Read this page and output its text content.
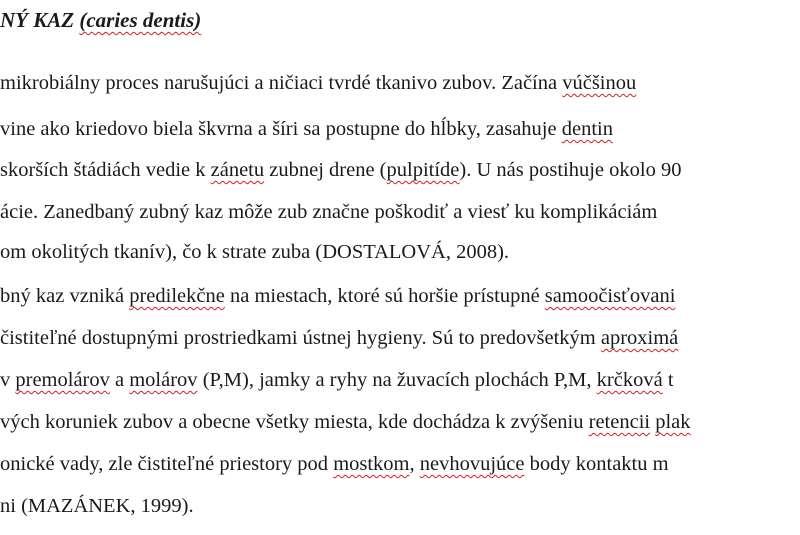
NÝ KAZ (caries dentis)

mikrobiálny proces narušujúci a ničiaci tvrdé tkanivo zubov. Začína vúčšinou

vine ako kriedovo biela škvrna a šíri sa postupne do hĺbky, zasahuje dentin

skorších štádiách vedie k zánetu zubnej drene (pulpitíde). U nás postihuje okolo 90

ácie. Zanedbaný zubný kaz môže zub značne poškodiť a viesť ku komplikáciám

om okolitých tkanív), čo k strate zuba (DOSTALOVÁ, 2008).

bný kaz vzniká predilekčne na miestach, ktoré sú horšie prístupné samoočisťovani

čistiteľné dostupnými prostriedkami ústnej hygieny. Sú to predovšetkým aproximá

v premolárov a molárov (P,M), jamky a ryhy na žuvacích plochách P,M, krčková t

vých koruniek zubov a obecne všetky miesta, kde dochádza k zvýšeniu retencii plak

onické vady, zle čistiteľné priestory pod mostkom, nevhovujúce body kontaktu m

ni (MAZÁNEK, 1999).
